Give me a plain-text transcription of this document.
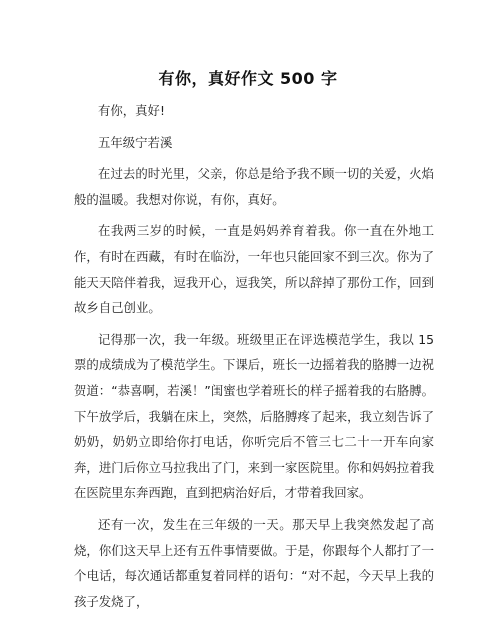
有你，真好作文 500 字

有你，真好!

五年级宁若溪

在过去的时光里，父亲，你总是给予我不顾一切的关爱，火焰般的温暖。我想对你说，有你，真好。

在我两三岁的时候，一直是妈妈养育着我。你一直在外地工作，有时在西藏，有时在临汾，一年也只能回家不到三次。你为了能天天陪伴着我，逗我开心，逗我笑，所以辞掉了那份工作，回到故乡自己创业。

记得那一次，我一年级。班级里正在评选模范学生，我以 15 票的成绩成为了模范学生。下课后，班长一边摇着我的胳膊一边祝贺道：“恭喜啊，若溪！”闺蜜也学着班长的样子摇着我的右胳膊。下午放学后，我躺在床上，突然，后胳膊疼了起来，我立刻告诉了奶奶，奶奶立即给你打电话，你听完后不管三七二十一开车向家奔，进门后你立马拉我出了门，来到一家医院里。你和妈妈拉着我在医院里东奔西跑，直到把病治好后，才带着我回家。

还有一次，发生在三年级的一天。那天早上我突然发起了高烧，你们这天早上还有五件事情要做。于是，你跟每个人都打了一个电话，每次通话都重复着同样的语句：“对不起，今天早上我的孩子发烧了，
